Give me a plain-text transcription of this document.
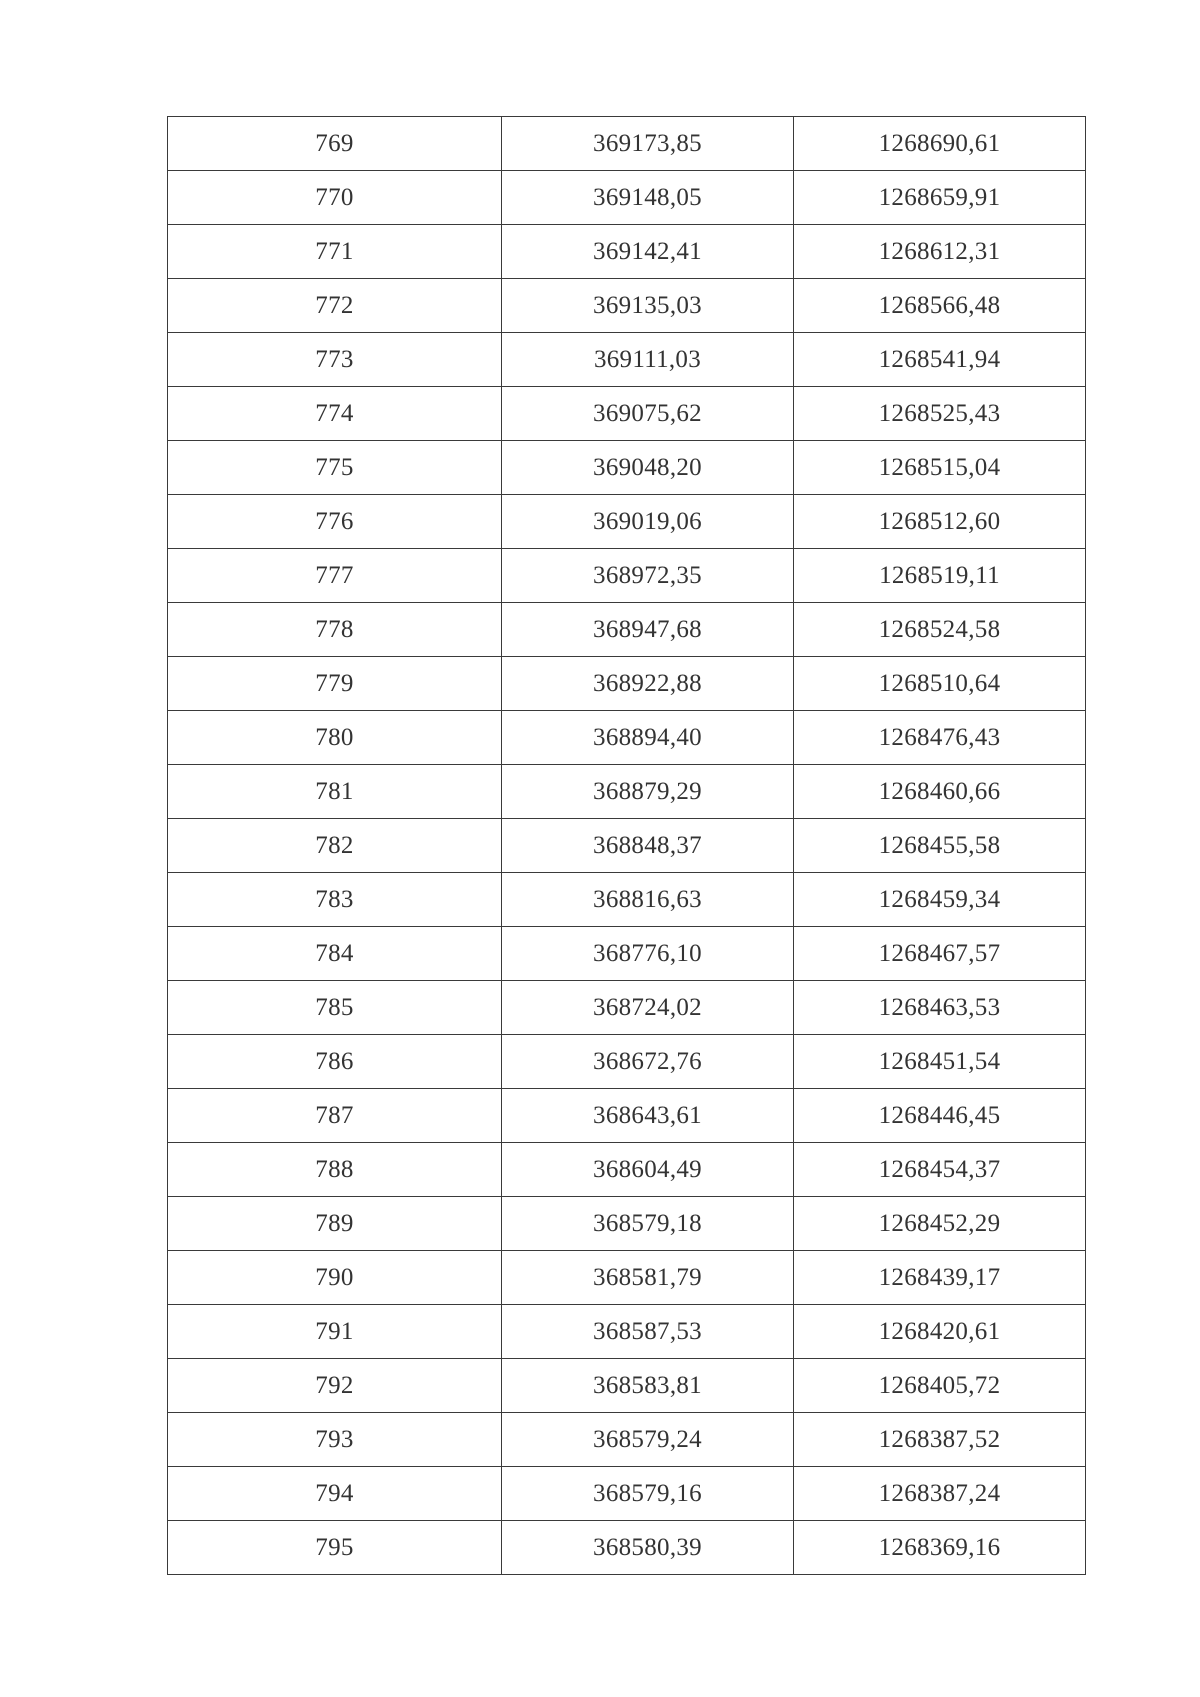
769	369173,85	1268690,61
770	369148,05	1268659,91
771	369142,41	1268612,31
772	369135,03	1268566,48
773	369111,03	1268541,94
774	369075,62	1268525,43
775	369048,20	1268515,04
776	369019,06	1268512,60
777	368972,35	1268519,11
778	368947,68	1268524,58
779	368922,88	1268510,64
780	368894,40	1268476,43
781	368879,29	1268460,66
782	368848,37	1268455,58
783	368816,63	1268459,34
784	368776,10	1268467,57
785	368724,02	1268463,53
786	368672,76	1268451,54
787	368643,61	1268446,45
788	368604,49	1268454,37
789	368579,18	1268452,29
790	368581,79	1268439,17
791	368587,53	1268420,61
792	368583,81	1268405,72
793	368579,24	1268387,52
794	368579,16	1268387,24
795	368580,39	1268369,16
